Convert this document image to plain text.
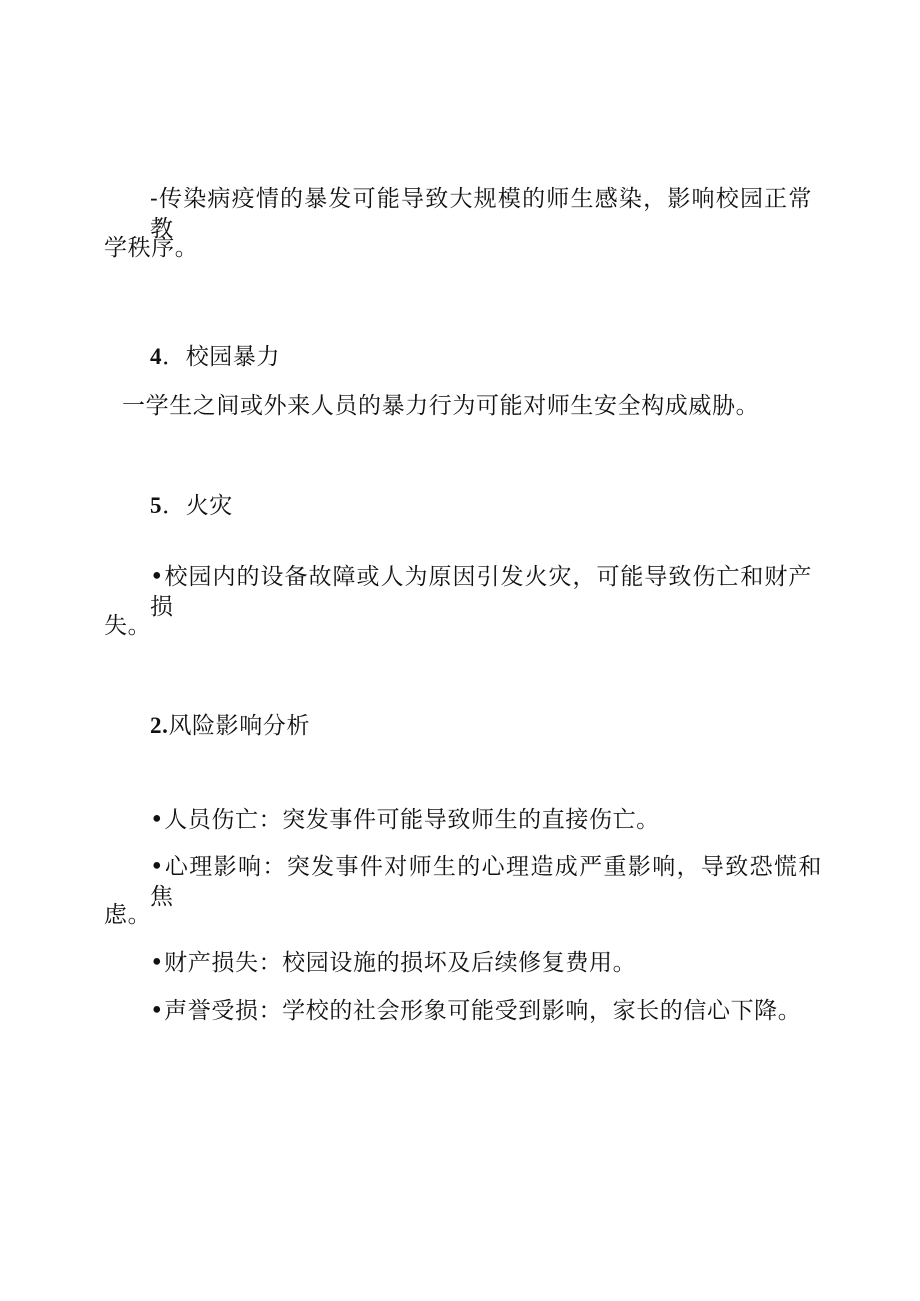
-传染病疫情的暴发可能导致大规模的师生感染，影响校园正常教
学秩序。
4．校园暴力
一学生之间或外来人员的暴力行为可能对师生安全构成威胁。
5．火灾
•校园内的设备故障或人为原因引发火灾，可能导致伤亡和财产损
失。
2.风险影响分析
•人员伤亡：突发事件可能导致师生的直接伤亡。
•心理影响：突发事件对师生的心理造成严重影响，导致恐慌和焦
虑。
•财产损失：校园设施的损坏及后续修复费用。
•声誉受损：学校的社会形象可能受到影响，家长的信心下降。
